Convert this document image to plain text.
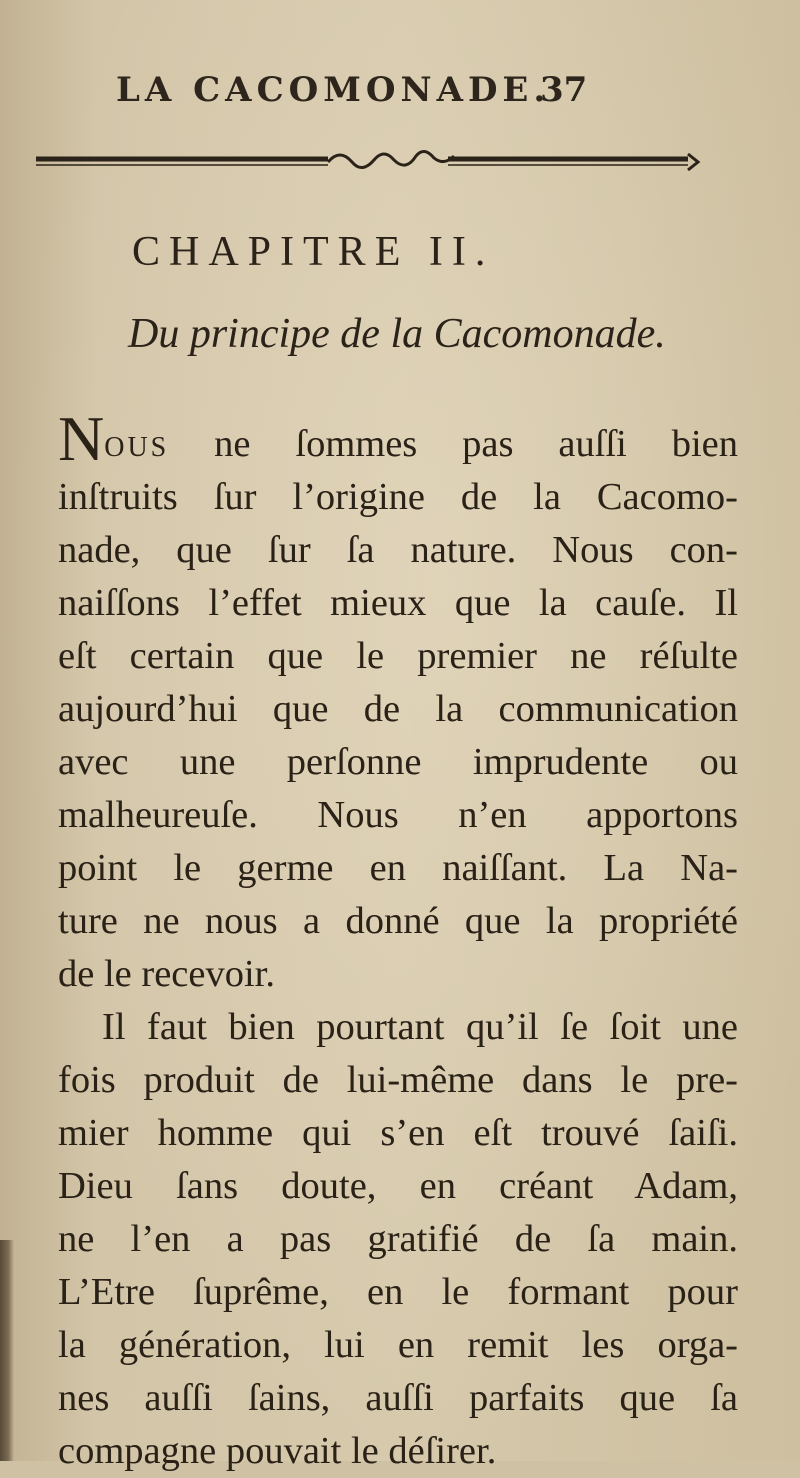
LA CACOMONADE.
37
CHAPITRE II.
Du principe de la Cacomonade.
NOUS ne ſommes pas auſſi bien
inſtruits ſur l’origine de la Cacomo-
nade, que ſur ſa nature. Nous con-
naiſſons l’effet mieux que la cauſe. Il
eſt certain que le premier ne réſulte
aujourd’hui que de la communication
avec une perſonne imprudente ou
malheureuſe. Nous n’en apportons
point le germe en naiſſant. La Na-
ture ne nous a donné que la propriété
de le recevoir.
Il faut bien pourtant qu’il ſe ſoit une
fois produit de lui-même dans le pre-
mier homme qui s’en eſt trouvé ſaiſi.
Dieu ſans doute, en créant Adam,
ne l’en a pas gratifié de ſa main.
L’Etre ſuprême, en le formant pour
la génération, lui en remit les orga-
nes auſſi ſains, auſſi parfaits que ſa
compagne pouvait le déſirer.
